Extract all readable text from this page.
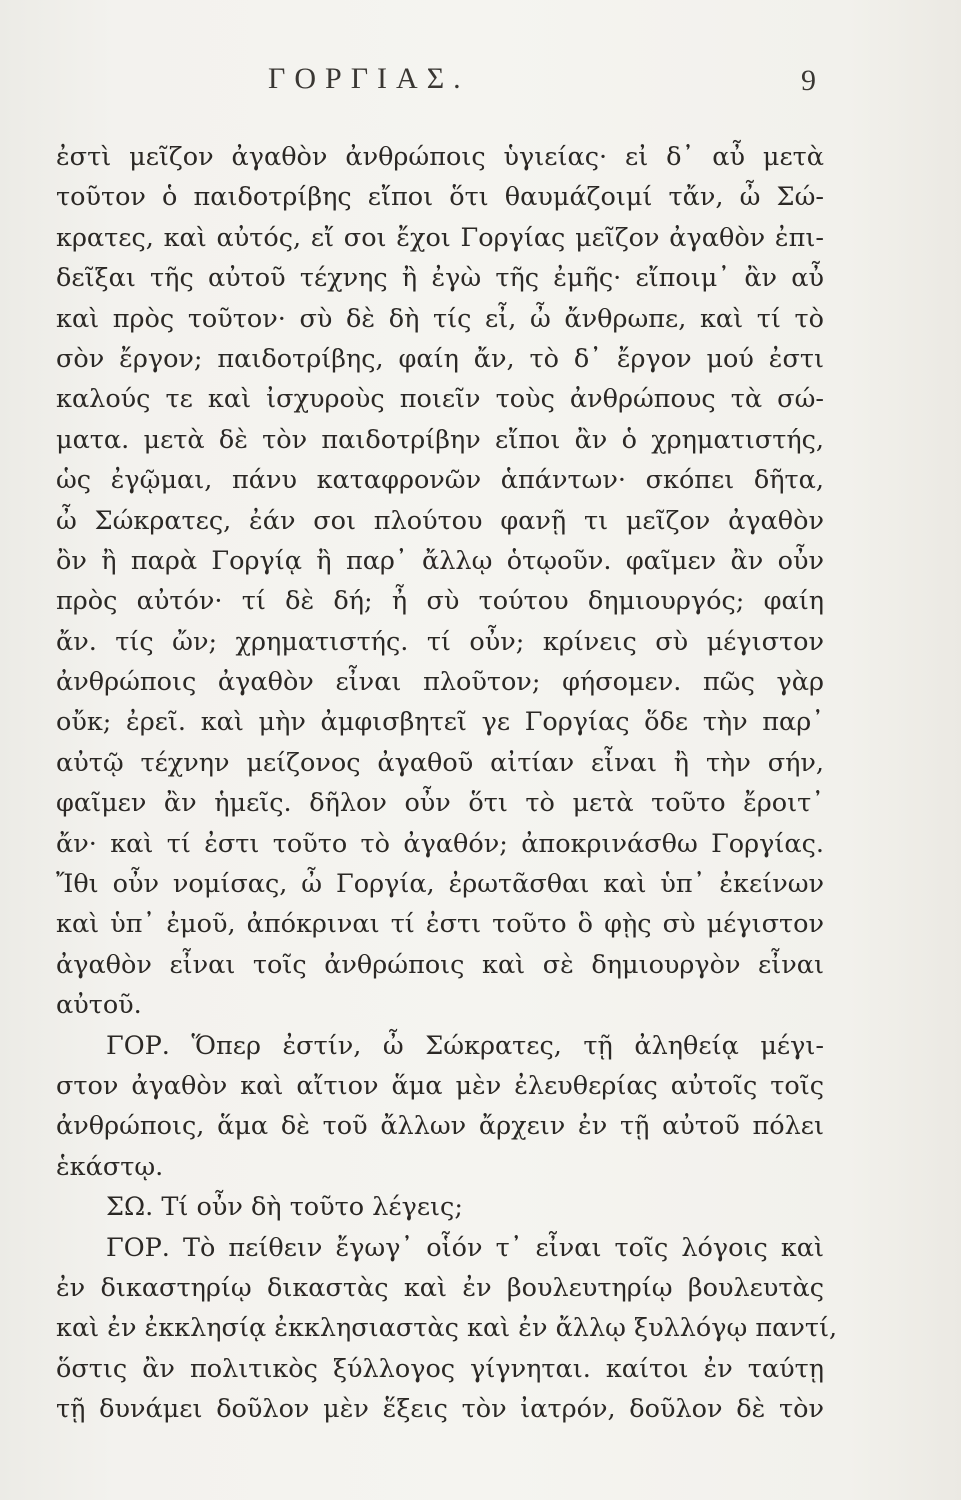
ΓΟΡΓΙΑΣ.	9
ἐστὶ μεῖζον ἀγαθὸν ἀνθρώποις ὑγιείας· εἰ δ᾽ αὖ μετὰ
τοῦτον ὁ παιδοτρίβης εἴποι ὅτι θαυμάζοιμί τἄν, ὦ Σώ-
κρατες, καὶ αὐτός, εἴ σοι ἔχοι Γοργίας μεῖζον ἀγαθὸν ἐπι-
δεῖξαι τῆς αὐτοῦ τέχνης ἢ ἐγὼ τῆς ἐμῆς· εἴποιμ᾽ ἂν αὖ
καὶ πρὸς τοῦτον· σὺ δὲ δὴ τίς εἶ, ὦ ἄνθρωπε, καὶ τί τὸ
σὸν ἔργον; παιδοτρίβης, φαίη ἄν, τὸ δ᾽ ἔργον μού ἐστι
καλούς τε καὶ ἰσχυροὺς ποιεῖν τοὺς ἀνθρώπους τὰ σώ-
ματα. μετὰ δὲ τὸν παιδοτρίβην εἴποι ἂν ὁ χρηματιστής,
ὡς ἐγῷμαι, πάνυ καταφρονῶν ἁπάντων· σκόπει δῆτα,
ὦ Σώκρατες, ἐάν σοι πλούτου φανῇ τι μεῖζον ἀγαθὸν
ὂν ἢ παρὰ Γοργίᾳ ἢ παρ᾽ ἄλλῳ ὁτῳοῦν. φαῖμεν ἂν οὖν
πρὸς αὐτόν· τί δὲ δή; ἦ σὺ τούτου δημιουργός; φαίη
ἄν. τίς ὤν; χρηματιστής. τί οὖν; κρίνεις σὺ μέγιστον
ἀνθρώποις ἀγαθὸν εἶναι πλοῦτον; φήσομεν. πῶς γὰρ
οὔκ; ἐρεῖ. καὶ μὴν ἀμφισβητεῖ γε Γοργίας ὅδε τὴν παρ᾽
αὐτῷ τέχνην μείζονος ἀγαθοῦ αἰτίαν εἶναι ἢ τὴν σήν,
φαῖμεν ἂν ἡμεῖς. δῆλον οὖν ὅτι τὸ μετὰ τοῦτο ἔροιτ᾽
ἄν· καὶ τί ἐστι τοῦτο τὸ ἀγαθόν; ἀποκρινάσθω Γοργίας.
Ἴθι οὖν νομίσας, ὦ Γοργία, ἐρωτᾶσθαι καὶ ὑπ᾽ ἐκείνων
καὶ ὑπ᾽ ἐμοῦ, ἀπόκριναι τί ἐστι τοῦτο ὃ φῂς σὺ μέγιστον
ἀγαθὸν εἶναι τοῖς ἀνθρώποις καὶ σὲ δημιουργὸν εἶναι
αὐτοῦ.
ΓΟΡ. Ὅπερ ἐστίν, ὦ Σώκρατες, τῇ ἀληθείᾳ μέγι-
στον ἀγαθὸν καὶ αἴτιον ἅμα μὲν ἐλευθερίας αὐτοῖς τοῖς
ἀνθρώποις, ἅμα δὲ τοῦ ἄλλων ἄρχειν ἐν τῇ αὐτοῦ πόλει
ἑκάστῳ.
ΣΩ. Τί οὖν δὴ τοῦτο λέγεις;
ΓΟΡ. Τὸ πείθειν ἔγωγ᾽ οἷόν τ᾽ εἶναι τοῖς λόγοις καὶ
ἐν δικαστηρίῳ δικαστὰς καὶ ἐν βουλευτηρίῳ βουλευτὰς
καὶ ἐν ἐκκλησίᾳ ἐκκλησιαστὰς καὶ ἐν ἄλλῳ ξυλλόγῳ παντί,
ὅστις ἂν πολιτικὸς ξύλλογος γίγνηται. καίτοι ἐν ταύτῃ
τῇ δυνάμει δοῦλον μὲν ἕξεις τὸν ἰατρόν, δοῦλον δὲ τὸν
